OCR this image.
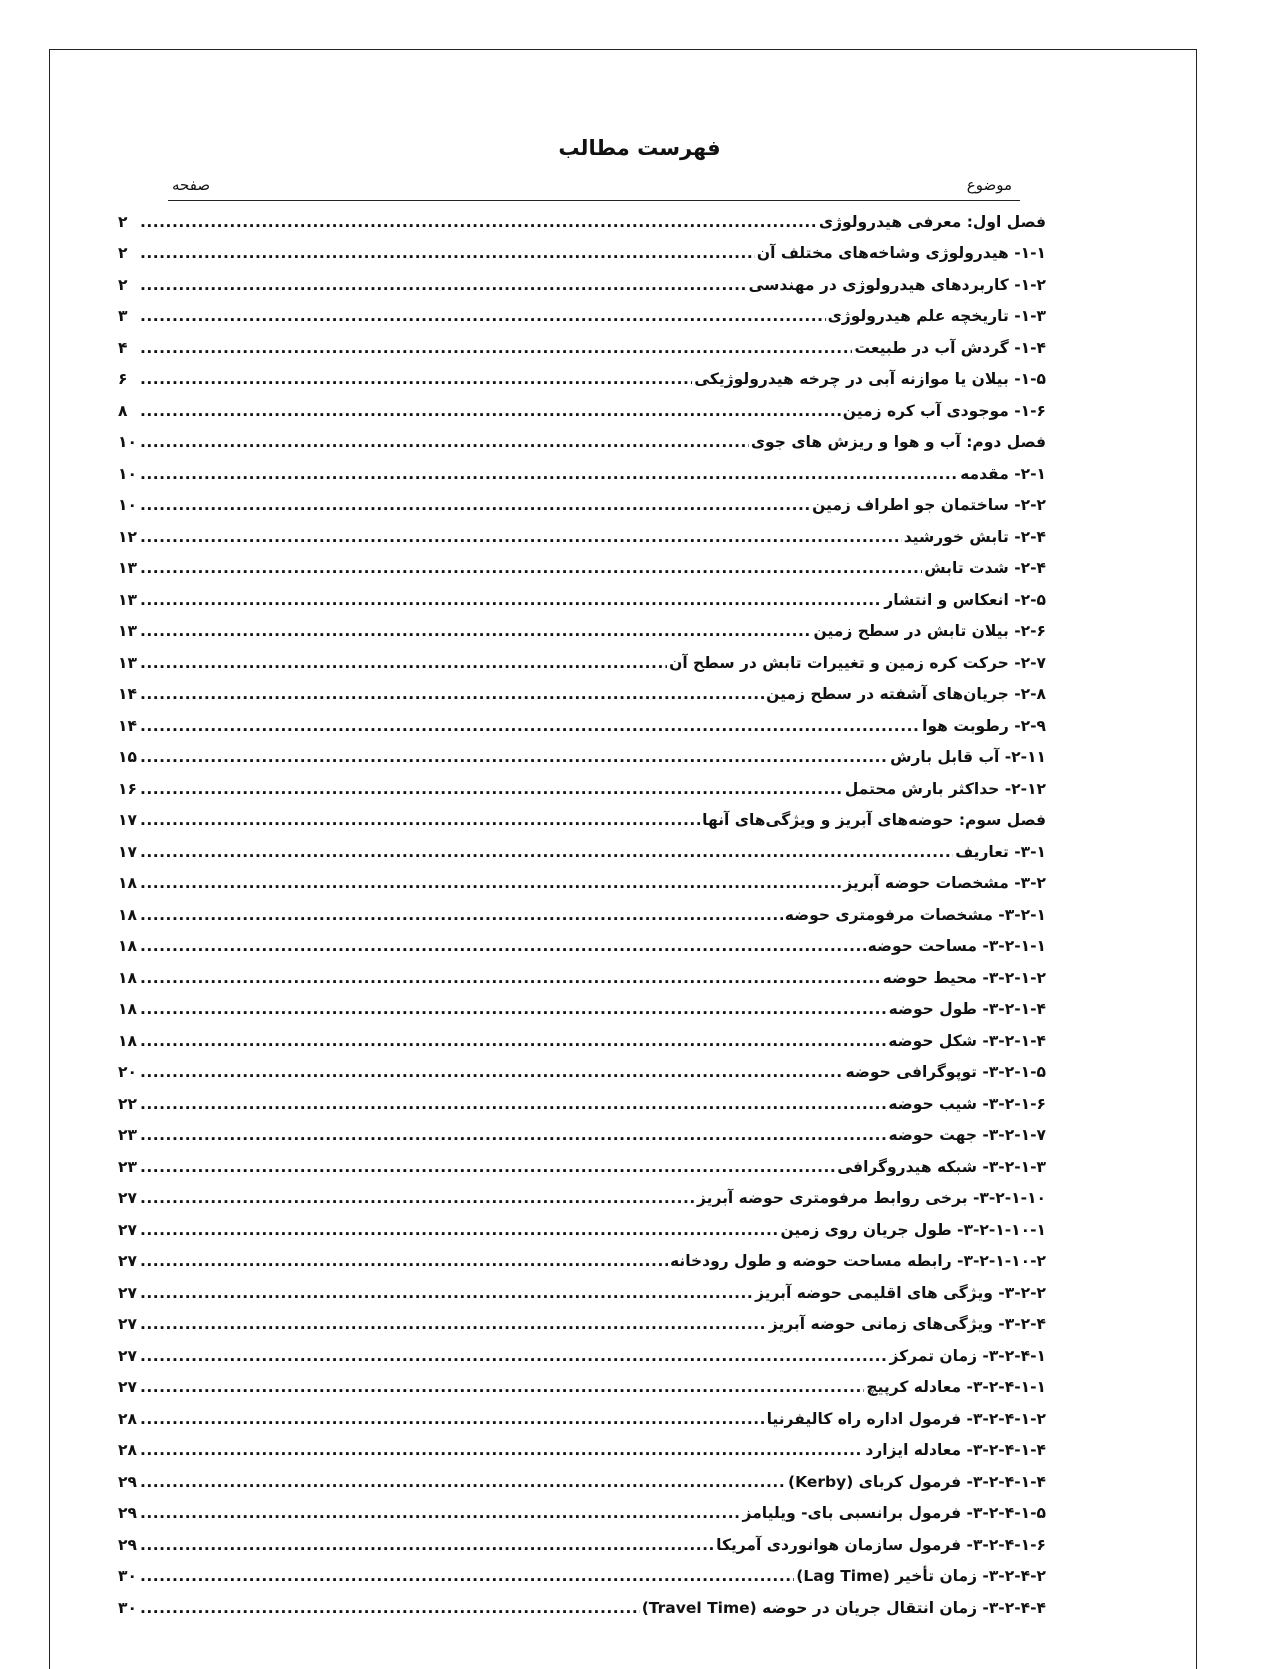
فهرست مطالب
صفحه	موضوع
فصل اول: معرفی هیدرولوژی
.....
۲
۱-۱- هیدرولوژی وشاخه‌های مختلف آن
.....
۲
۱-۲- کاربردهای هیدرولوژی در مهندسی
.....
۲
۱-۳- تاریخچه علم هیدرولوژی
.....
۳
۱-۴- گردش آب در طبیعت
.....
۴
۱-۵- بیلان یا موازنه آبی در چرخه هیدرولوژیکی
.....
۶
۱-۶- موجودی آب کره زمین
.....
۸
فصل دوم: آب و هوا و ریزش های جوی
.....
۱۰
۲-۱- مقدمه
.....
۱۰
۲-۲- ساختمان جو اطراف زمین
.....
۱۰
۲-۴- تابش خورشید
.....
۱۲
۲-۴- شدت تابش
.....
۱۳
۲-۵- انعکاس و انتشار
.....
۱۳
۲-۶- بیلان تابش در سطح زمین
.....
۱۳
۲-۷- حرکت کره زمین و تغییرات تابش در سطح آن
.....
۱۳
۲-۸- جریان‌های آشفته در سطح زمین
.....
۱۴
۲-۹- رطوبت هوا
.....
۱۴
۲-۱۱- آب قابل بارش
.....
۱۵
۲-۱۲- حداکثر بارش محتمل
.....
۱۶
فصل سوم: حوضه‌های آبریز و ویژگی‌های آنها
.....
۱۷
۳-۱- تعاریف
.....
۱۷
۳-۲- مشخصات حوضه آبریز
.....
۱۸
۳-۲-۱- مشخصات مرفومتری حوضه
.....
۱۸
۳-۲-۱-۱- مساحت حوضه
.....
۱۸
۳-۲-۱-۲- محیط حوضه
.....
۱۸
۳-۲-۱-۴- طول حوضه
.....
۱۸
۳-۲-۱-۴- شکل حوضه
.....
۱۸
۳-۲-۱-۵- توپوگرافی حوضه
.....
۲۰
۳-۲-۱-۶- شیب حوضه
.....
۲۲
۳-۲-۱-۷- جهت حوضه
.....
۲۳
۳-۲-۱-۳- شبکه هیدروگرافی
.....
۲۳
۳-۲-۱-۱۰- برخی روابط مرفومتری حوضه آبریز
.....
۲۷
۳-۲-۱-۱۰-۱- طول جریان روی زمین
.....
۲۷
۳-۲-۱-۱۰-۲- رابطه مساحت حوضه و طول رودخانه
.....
۲۷
۳-۲-۲- ویژگی های اقلیمی حوضه آبریز
.....
۲۷
۳-۲-۴- ویژگی‌های زمانی حوضه آبریز
.....
۲۷
۳-۲-۴-۱- زمان تمرکز
.....
۲۷
۳-۲-۴-۱-۱- معادله کرپیچ
.....
۲۷
۳-۲-۴-۱-۲- فرمول اداره راه کالیفرنیا
.....
۲۸
۳-۲-۴-۱-۴- معادله ایزارد
.....
۲۸
۳-۲-۴-۱-۴- فرمول کربای (Kerby)
.....
۲۹
۳-۲-۴-۱-۵- فرمول برانسبی بای- ویلیامز
.....
۲۹
۳-۲-۴-۱-۶- فرمول سازمان هوانوردی آمریکا
.....
۲۹
۳-۲-۴-۲- زمان تأخیر (Lag Time)
.....
۳۰
۳-۲-۴-۴- زمان انتقال جریان در حوضه (Travel Time)
.....
۳۰
